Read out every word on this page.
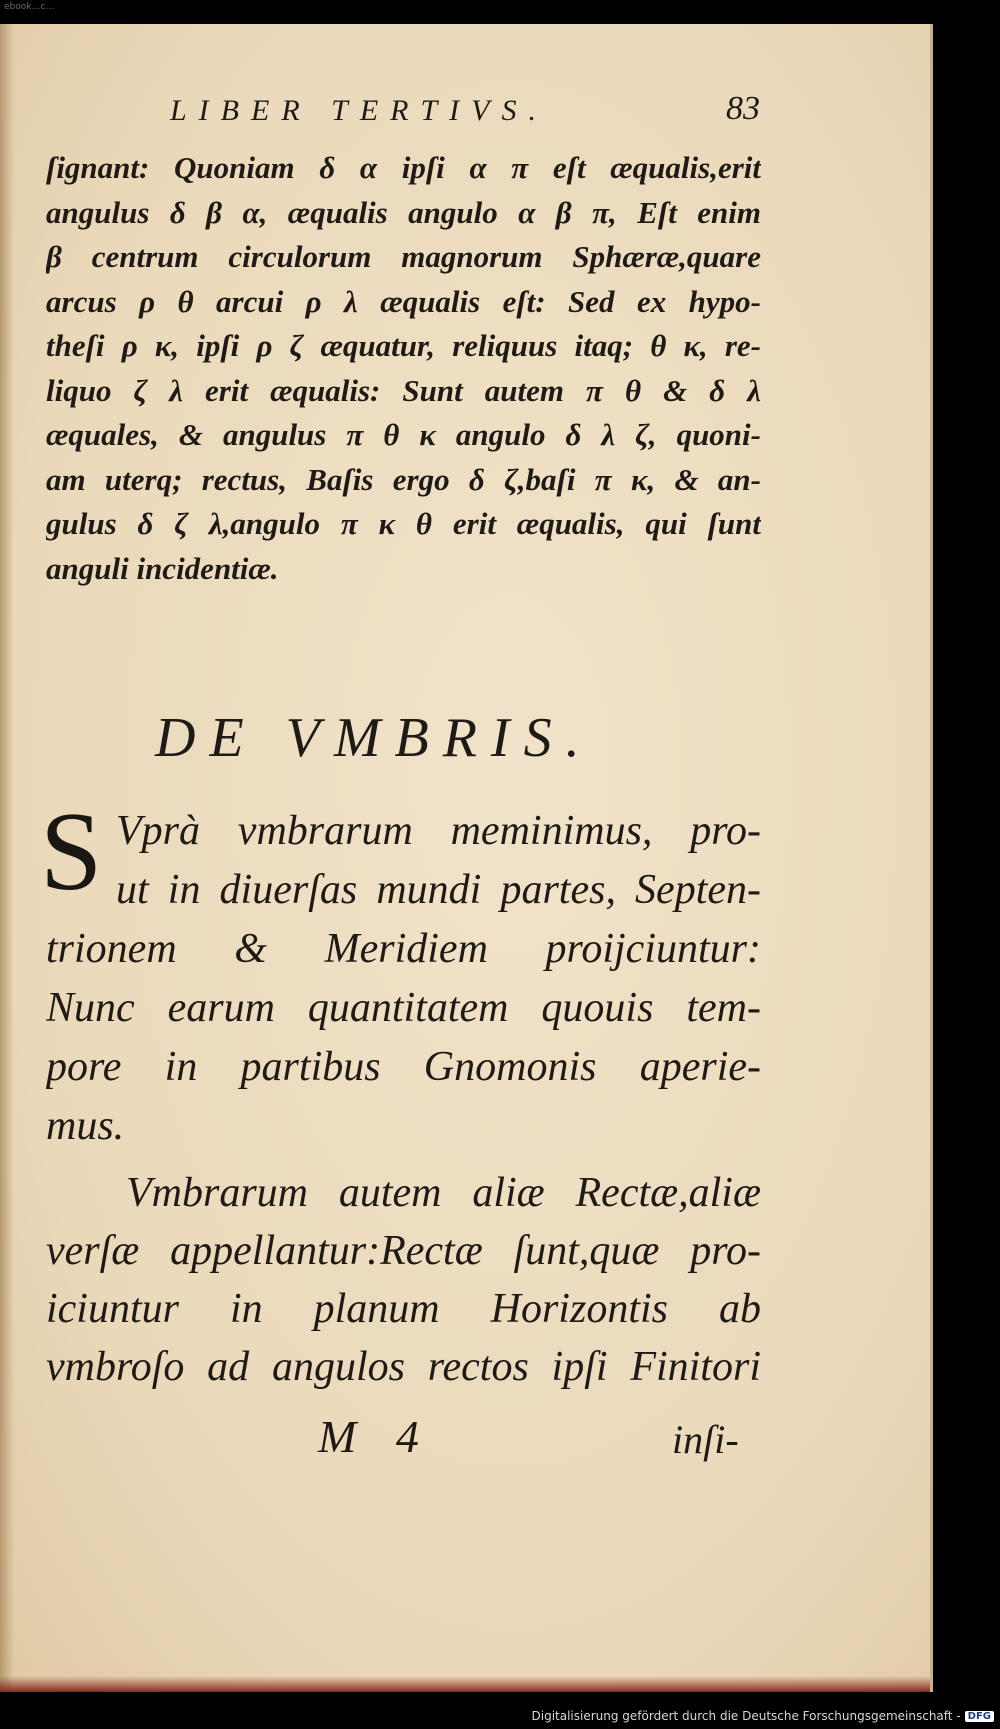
ebook…c…
LIBER TERTIVS.	83
ſignant: Quoniam δ α ipſi α π eſt æqualis,erit
angulus δ β α, æqualis angulo α β π, Eſt enim
β centrum circulorum magnorum Sphæræ,quare
arcus ρ θ arcui ρ λ æqualis eſt: Sed ex hypo-
theſi ρ κ, ipſi ρ ζ æquatur, reliquus itaq; θ κ, re-
liquo ζ λ erit æqualis: Sunt autem π θ & δ λ
æquales, & angulus π θ κ angulo δ λ ζ, quoni-
am uterq; rectus, Baſis ergo δ ζ,baſi π κ, & an-
gulus δ ζ λ,angulo π κ θ erit æqualis, qui ſunt
anguli incidentiæ.
DE VMBRIS.
S Vprà vmbrarum meminimus, pro-
ut in diuerſas mundi partes, Septen-
trionem & Meridiem proijciuntur:
Nunc earum quantitatem quouis tem-
pore in partibus Gnomonis aperie-
mus.
Vmbrarum autem aliæ Rectæ,aliæ
verſæ appellantur:Rectæ ſunt,quæ pro-
iciuntur in planum Horizontis ab
vmbroſo ad angulos rectos ipſi Finitori
M 4	inſi-
Digitalisierung gefördert durch die Deutsche Forschungsgemeinschaft - DFG
